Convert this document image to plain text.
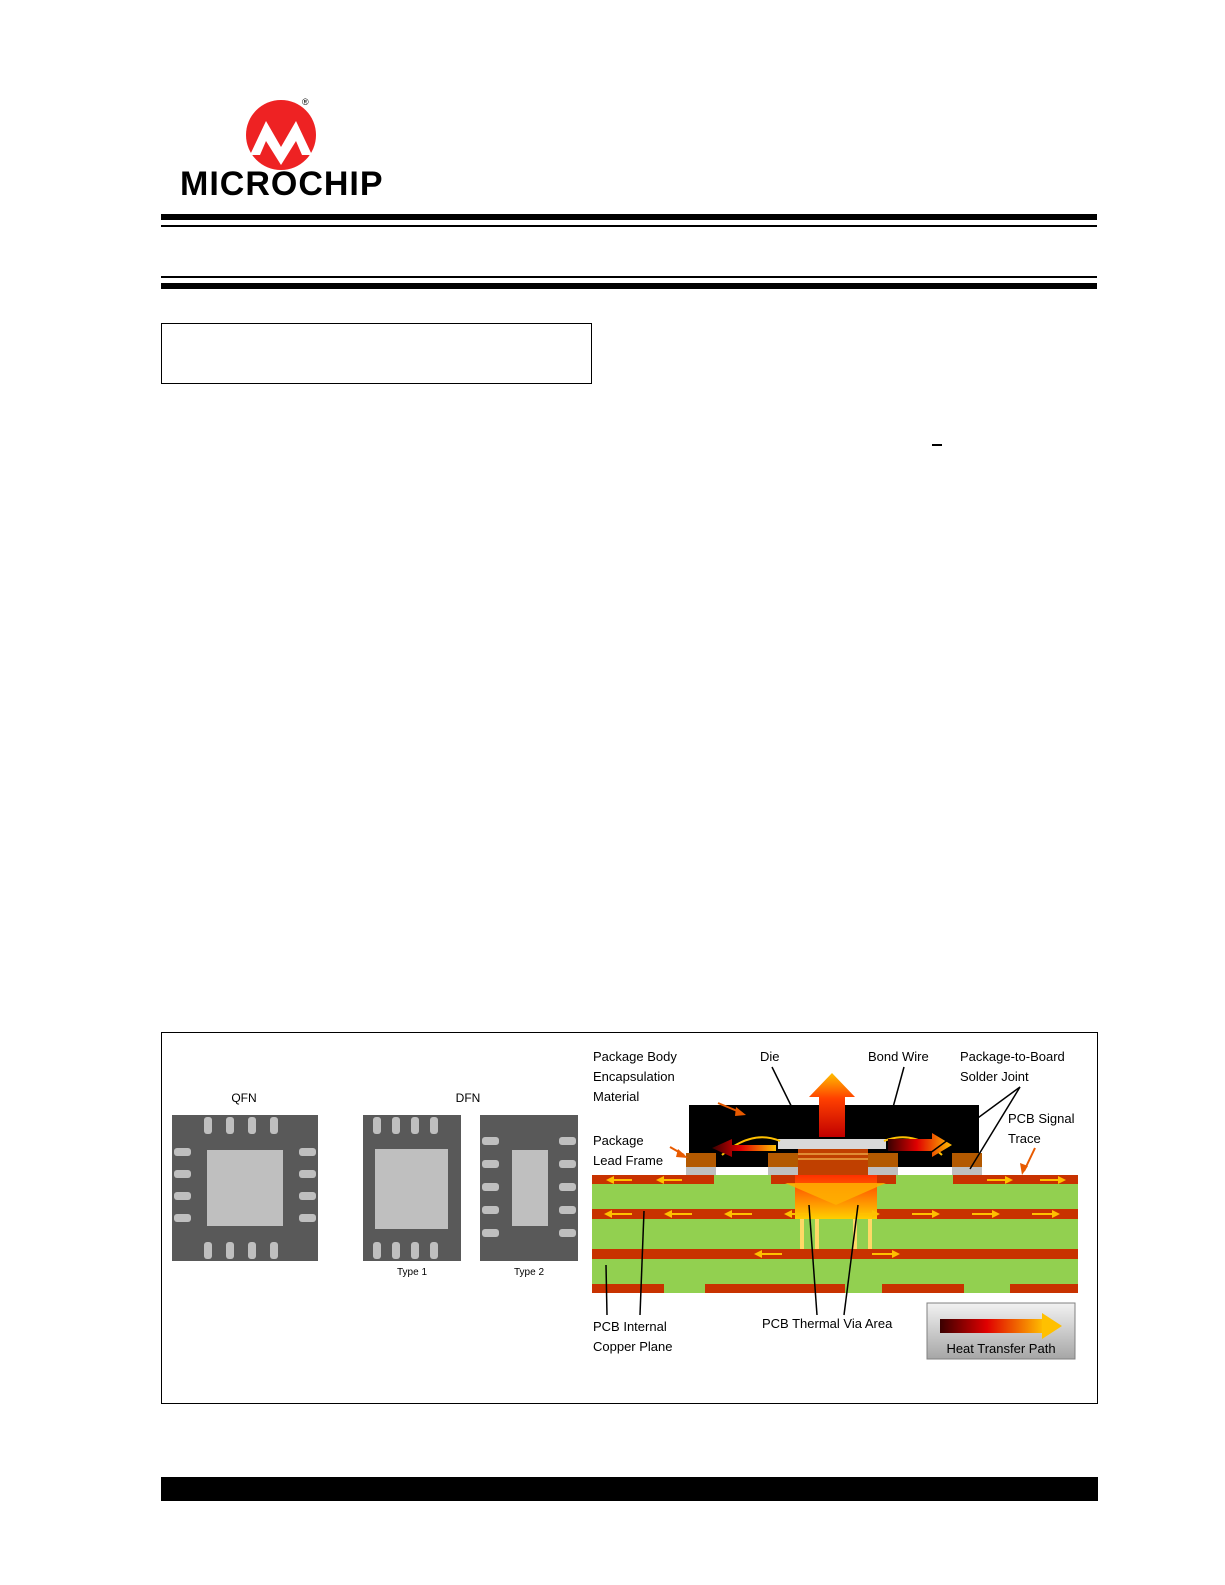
®
MICROCHIP
QFN	DFN
Type 1	Type 2
Package Body
Encapsulation
Material
Die	Bond Wire Package-to-Board
Solder Joint
PCB Signal
Trace
Package
Lead Frame
PCB Internal
Copper Plane
PCB Thermal Via Area
Heat Transfer Path
